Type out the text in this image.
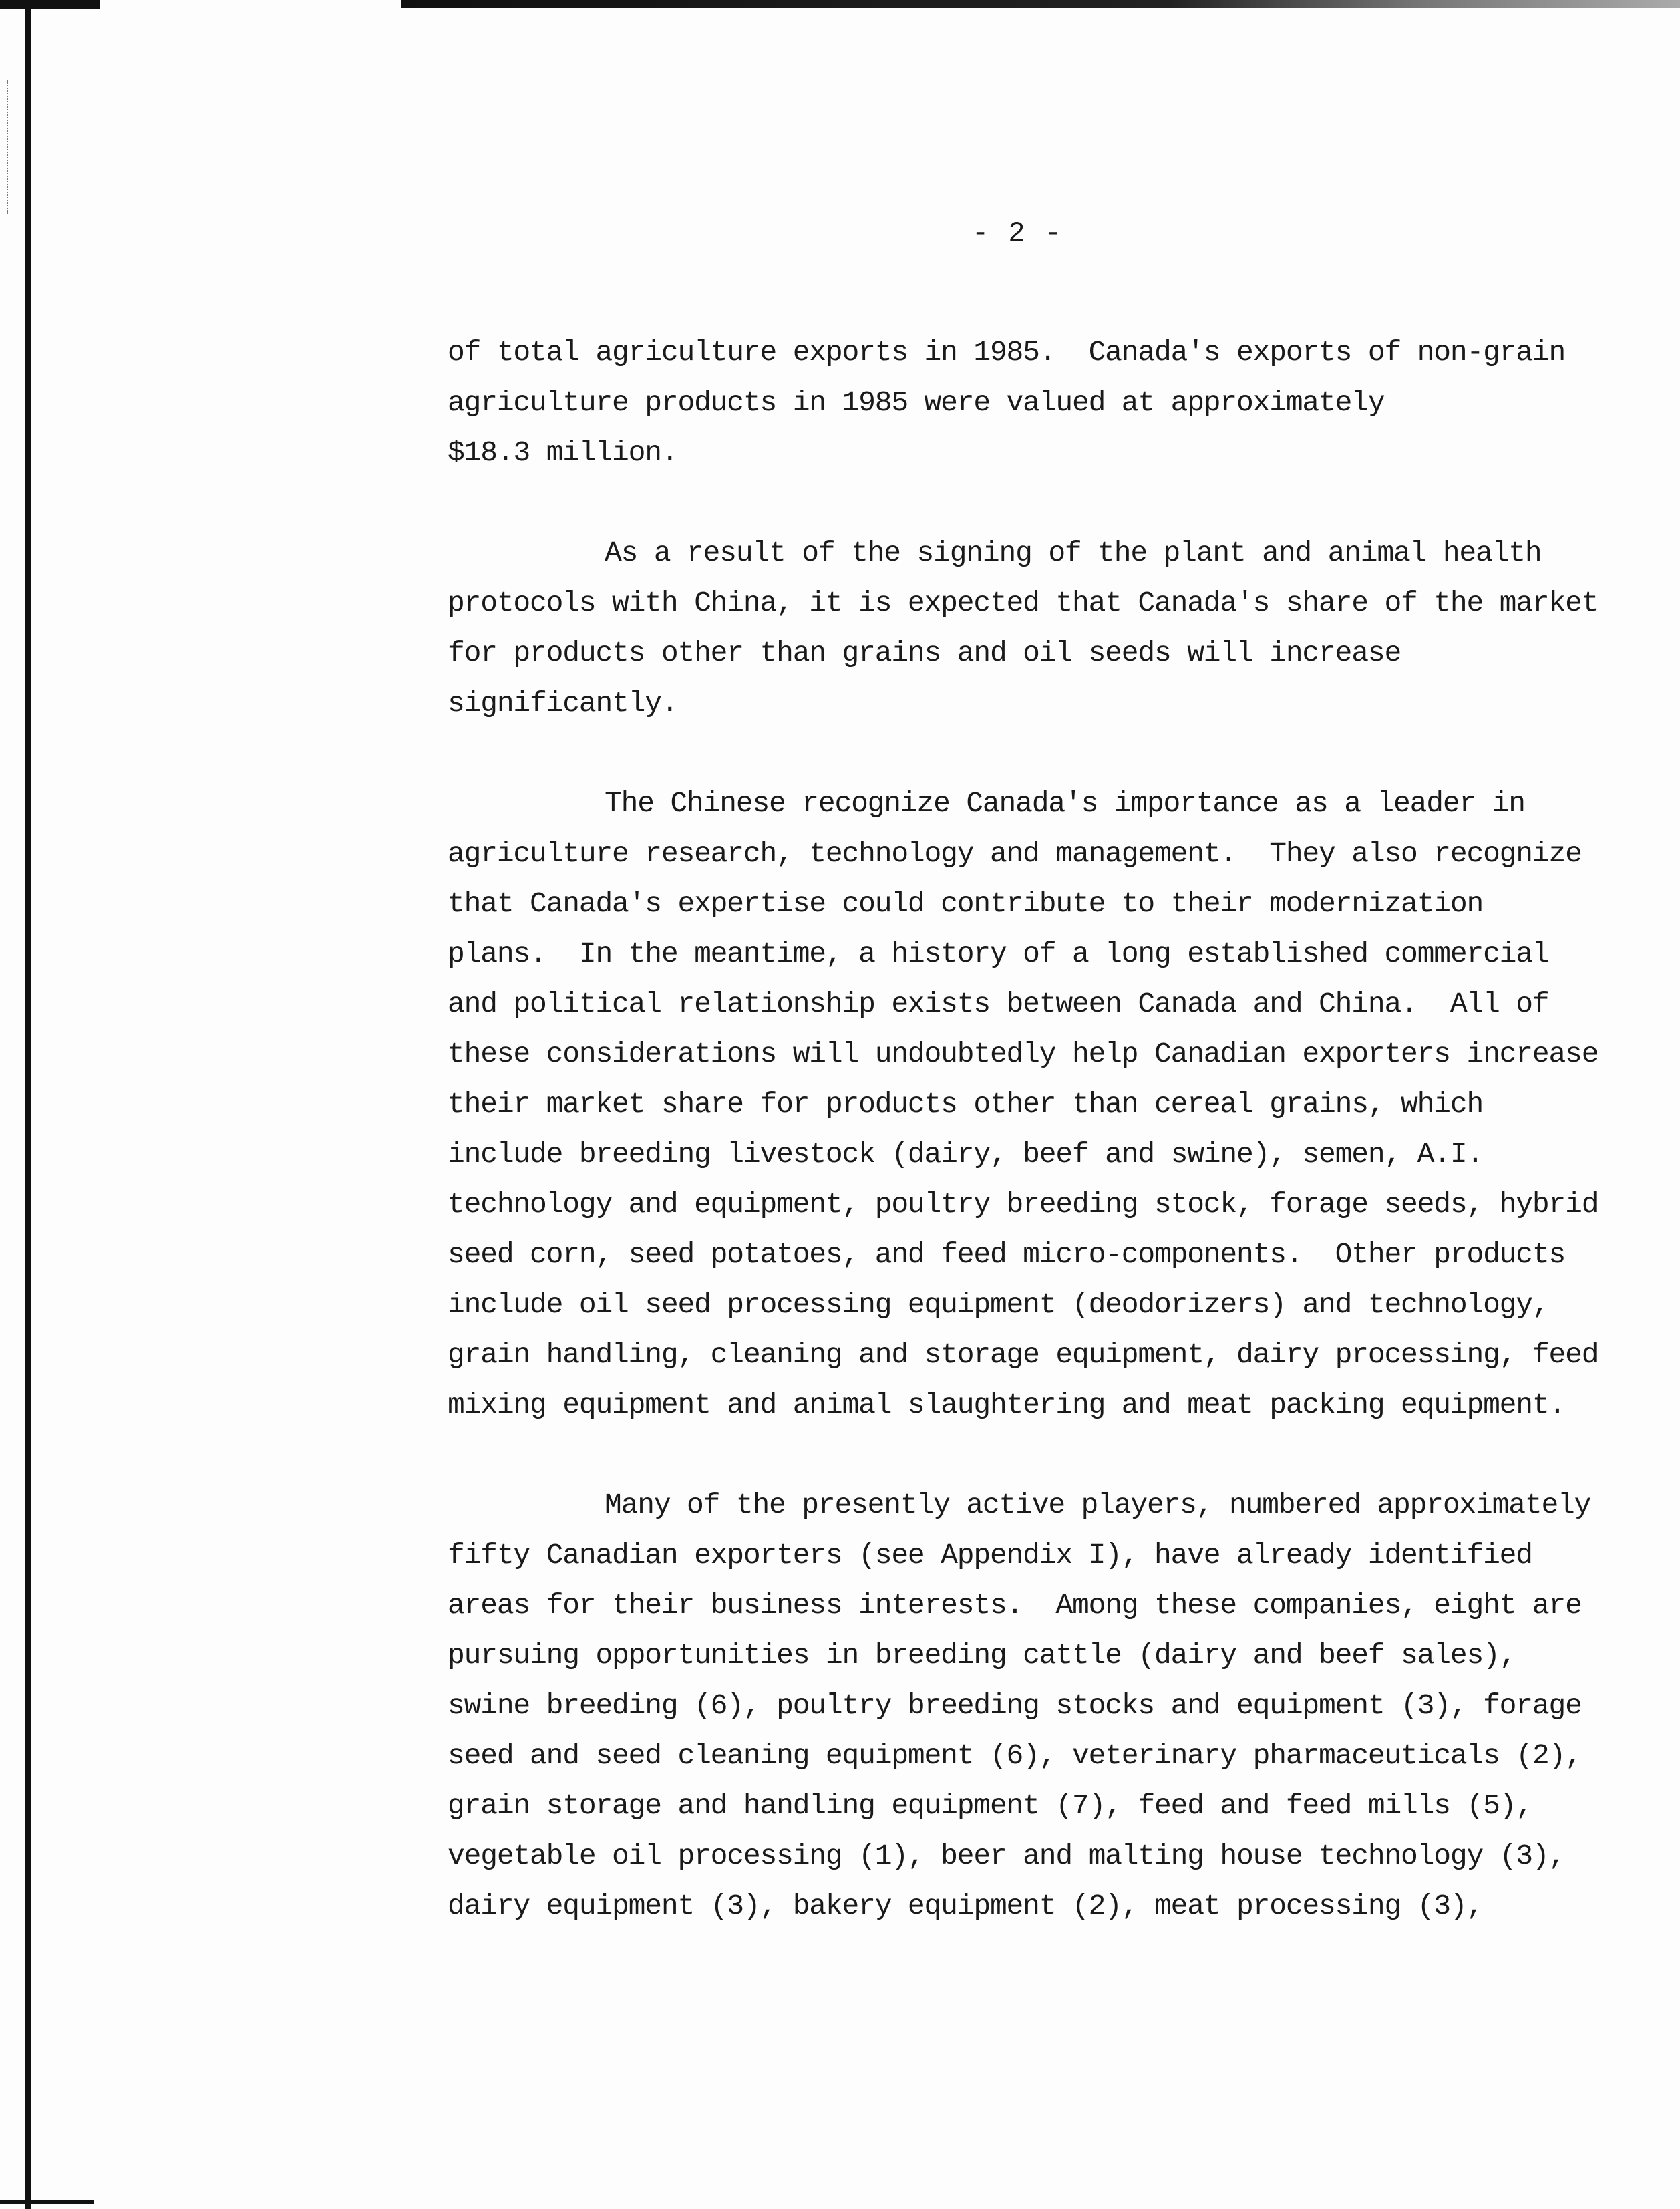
- 2 -
of total agriculture exports in 1985.  Canada's exports of non-grain
agriculture products in 1985 were valued at approximately
$18.3 million.
As a result of the signing of the plant and animal health
protocols with China, it is expected that Canada's share of the market
for products other than grains and oil seeds will increase
significantly.
The Chinese recognize Canada's importance as a leader in
agriculture research, technology and management.  They also recognize
that Canada's expertise could contribute to their modernization
plans.  In the meantime, a history of a long established commercial
and political relationship exists between Canada and China.  All of
these considerations will undoubtedly help Canadian exporters increase
their market share for products other than cereal grains, which
include breeding livestock (dairy, beef and swine), semen, A.I.
technology and equipment, poultry breeding stock, forage seeds, hybrid
seed corn, seed potatoes, and feed micro-components.  Other products
include oil seed processing equipment (deodorizers) and technology,
grain handling, cleaning and storage equipment, dairy processing, feed
mixing equipment and animal slaughtering and meat packing equipment.
Many of the presently active players, numbered approximately
fifty Canadian exporters (see Appendix I), have already identified
areas for their business interests.  Among these companies, eight are
pursuing opportunities in breeding cattle (dairy and beef sales),
swine breeding (6), poultry breeding stocks and equipment (3), forage
seed and seed cleaning equipment (6), veterinary pharmaceuticals (2),
grain storage and handling equipment (7), feed and feed mills (5),
vegetable oil processing (1), beer and malting house technology (3),
dairy equipment (3), bakery equipment (2), meat processing (3),
